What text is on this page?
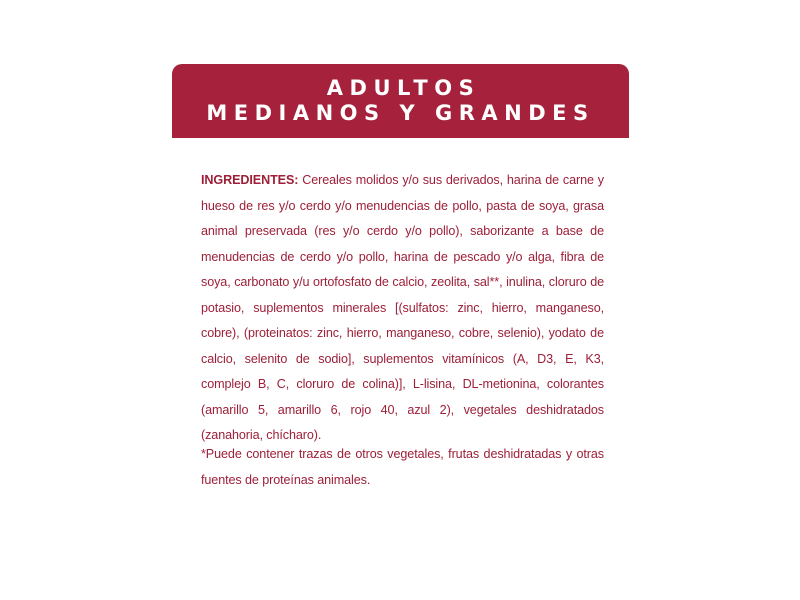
ADULTOS
MEDIANOS Y GRANDES

INGREDIENTES: Cereales molidos y/o sus derivados, harina de carne y hueso de res y/o cerdo y/o menudencias de pollo, pasta de soya, grasa animal preservada (res y/o cerdo y/o pollo), saborizante a base de menudencias de cerdo y/o pollo, harina de pescado y/o alga, fibra de soya, carbonato y/u ortofosfato de calcio, zeolita, sal**, inulina, cloruro de potasio, suplementos minerales [(sulfatos: zinc, hierro, manganeso, cobre), (proteinatos: zinc, hierro, manganeso, cobre, selenio), yodato de calcio, selenito de sodio], suplementos vitamínicos (A, D3, E, K3, complejo B, C, cloruro de colina)], L-lisina, DL-metionina, colorantes (amarillo 5, amarillo 6, rojo 40, azul 2), vegetales deshidratados (zanahoria, chícharo).

*Puede contener trazas de otros vegetales, frutas deshidratadas y otras fuentes de proteínas animales.
